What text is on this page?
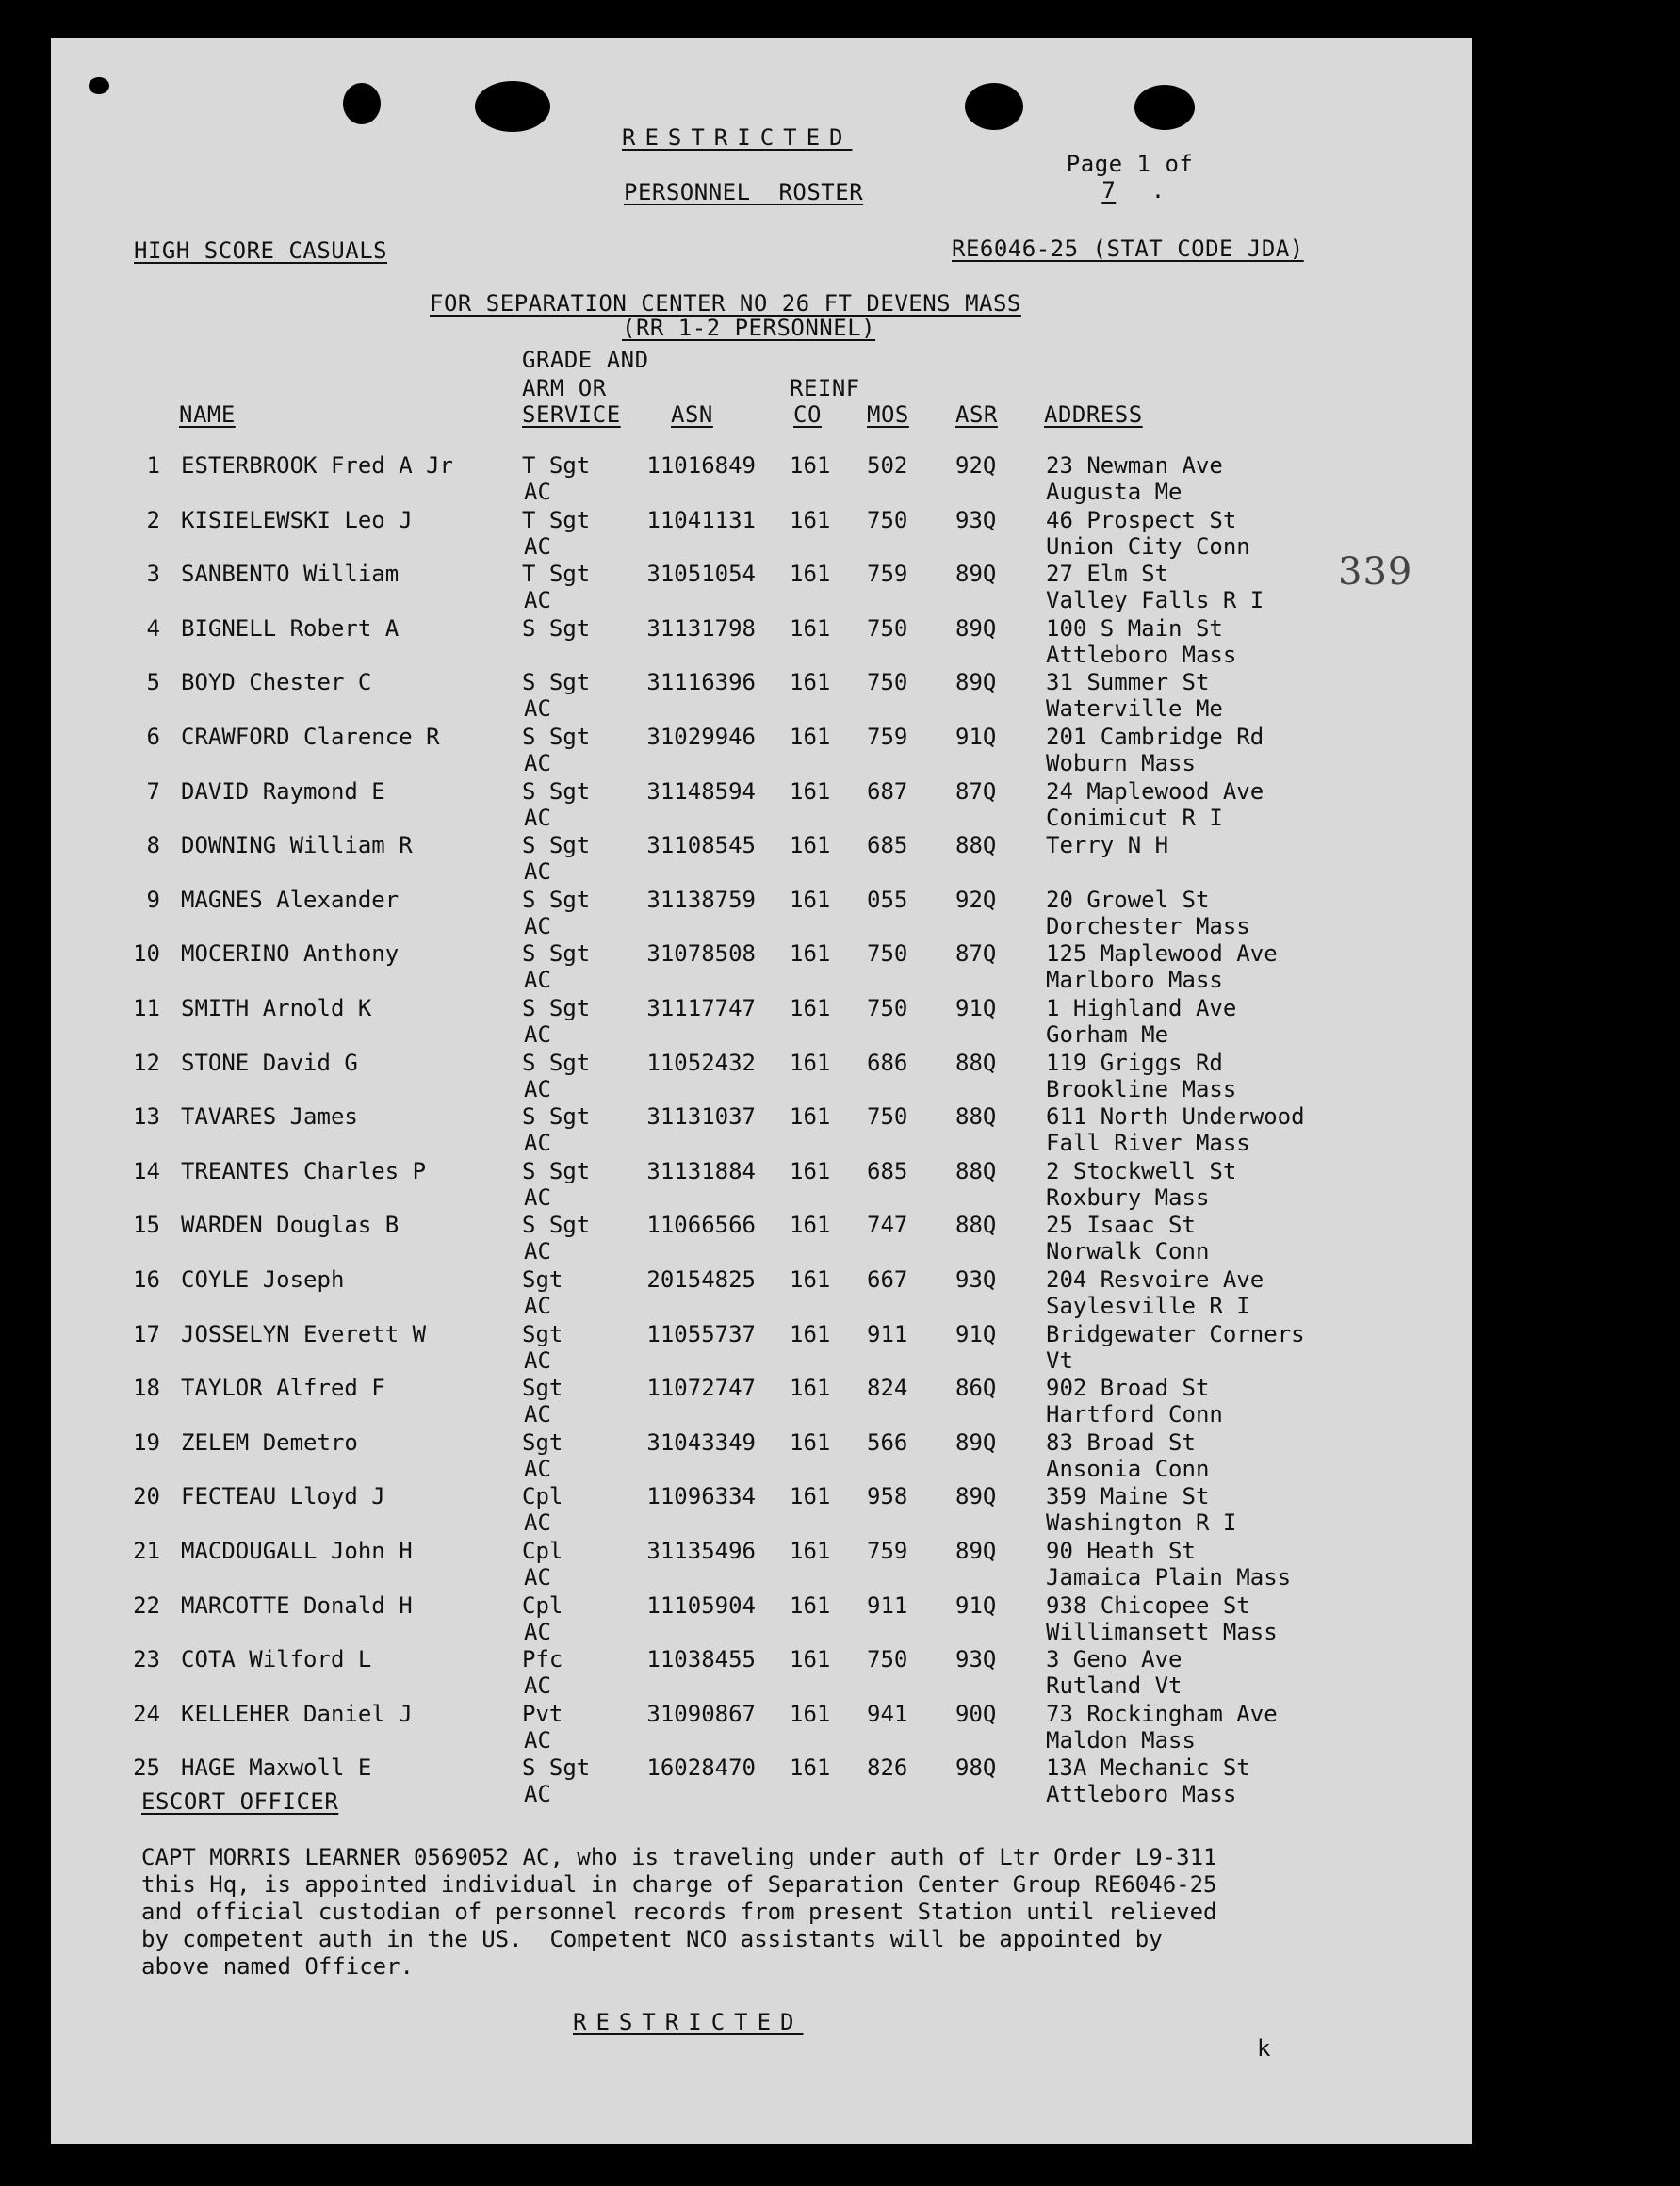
RESTRICTED

Page 1 of
7 .

PERSONNEL  ROSTER
HIGH SCORE CASUALS	RE6046-25 (STAT CODE JDA)
FOR SEPARATION CENTER NO 26 FT DEVENS MASS
(RR 1-2 PERSONNEL)
GRADE AND
ARM OR	REINF
NAME	SERVICE ASN	CO MOS ASR ADDRESS
1 ESTERBROOK Fred A Jr	T Sgt	11016849 161 502 92Q 23 Newman Ave
AC	Augusta Me
2 KISIELEWSKI Leo J	T Sgt	11041131 161 750 93Q 46 Prospect St
AC	Union City Conn
3 SANBENTO William	T Sgt	31051054 161 759 89Q 27 Elm St
AC	Valley Falls R I
4 BIGNELL Robert A	S Sgt	31131798 161 750 89Q 100 S Main St
Attleboro Mass
5 BOYD Chester C	S Sgt	31116396 161 750 89Q 31 Summer St
AC	Waterville Me
6 CRAWFORD Clarence R	S Sgt	31029946 161 759 91Q 201 Cambridge Rd
AC	Woburn Mass
7 DAVID Raymond E	S Sgt	31148594 161 687 87Q 24 Maplewood Ave
AC	Conimicut R I
8 DOWNING William R	S Sgt	31108545 161 685 88Q Terry N H
AC
9 MAGNES Alexander	S Sgt	31138759 161 055 92Q 20 Growel St
AC	Dorchester Mass
10 MOCERINO Anthony	S Sgt	31078508 161 750 87Q 125 Maplewood Ave
AC	Marlboro Mass
11 SMITH Arnold K	S Sgt	31117747 161 750 91Q 1 Highland Ave
AC	Gorham Me
12 STONE David G	S Sgt	11052432 161 686 88Q 119 Griggs Rd
AC	Brookline Mass
13 TAVARES James	S Sgt	31131037 161 750 88Q 611 North Underwood
AC	Fall River Mass
14 TREANTES Charles P	S Sgt	31131884 161 685 88Q 2 Stockwell St
AC	Roxbury Mass
15 WARDEN Douglas B	S Sgt	11066566 161 747 88Q 25 Isaac St
AC	Norwalk Conn
16 COYLE Joseph	Sgt	20154825 161 667 93Q 204 Resvoire Ave
AC	Saylesville R I
17 JOSSELYN Everett W	Sgt	11055737 161 911 91Q Bridgewater Corners
AC	Vt
18 TAYLOR Alfred F	Sgt	11072747 161 824 86Q 902 Broad St
AC	Hartford Conn
19 ZELEM Demetro	Sgt	31043349 161 566 89Q 83 Broad St
AC	Ansonia Conn
20 FECTEAU Lloyd J	Cpl	11096334 161 958 89Q 359 Maine St
AC	Washington R I
21 MACDOUGALL John H	Cpl	31135496 161 759 89Q 90 Heath St
AC	Jamaica Plain Mass
22 MARCOTTE Donald H	Cpl	11105904 161 911 91Q 938 Chicopee St
AC	Willimansett Mass
23 COTA Wilford L	Pfc	11038455 161 750 93Q 3 Geno Ave
AC	Rutland Vt
24 KELLEHER Daniel J	Pvt	31090867 161 941 90Q 73 Rockingham Ave
AC	Maldon Mass
25 HAGE Maxwoll E	S Sgt	16028470 161 826 98Q 13A Mechanic St
AC	Attleboro Mass
ESCORT OFFICER
CAPT MORRIS LEARNER 0569052 AC, who is traveling under auth of Ltr Order L9-311
this Hq, is appointed individual in charge of Separation Center Group RE6046-25
and official custodian of personnel records from present Station until relieved
by competent auth in the US.  Competent NCO assistants will be appointed by
above named Officer.
RESTRICTED
339
k
